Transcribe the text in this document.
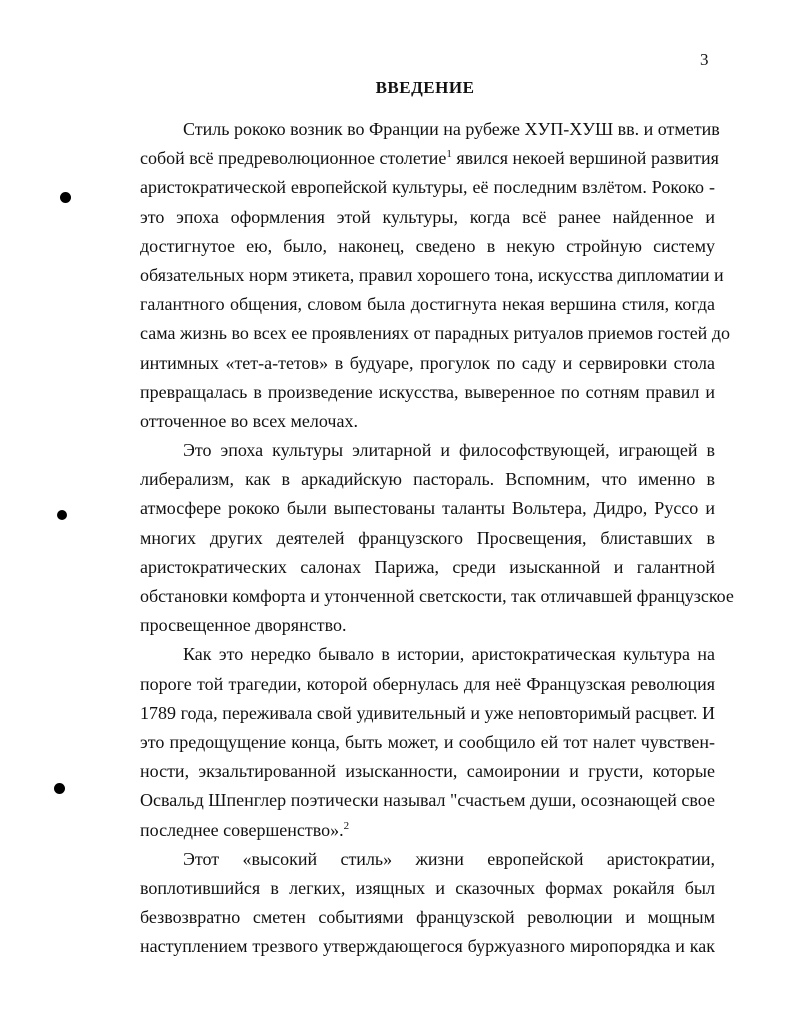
3
ВВЕДЕНИЕ
Стиль рококо возник во Франции на рубеже ХУП-ХУШ вв. и отметив
собой всё предреволюционное столетие$^1$ явился некоей вершиной развития
аристократической европейской культуры, её последним взлётом. Рококо -
это эпоха оформления этой культуры, когда всё ранее найденное и
достигнутое ею, было, наконец, сведено в некую стройную систему
обязательных норм этикета, правил хорошего тона, искусства дипломатии и
галантного общения, словом была достигнута некая вершина стиля, когда
сама жизнь во всех ее проявлениях от парадных ритуалов приемов гостей до
интимных «тет-а-тетов» в будуаре, прогулок по саду и сервировки стола
превращалась в произведение искусства, выверенное по сотням правил и
отточенное во всех мелочах.
Это эпоха культуры элитарной и философствующей, играющей в
либерализм, как в аркадийскую пастораль. Вспомним, что именно в
атмосфере рококо были выпестованы таланты Вольтера, Дидро, Руссо и
многих других деятелей французского Просвещения, блиставших в
аристократических салонах Парижа, среди изысканной и галантной
обстановки комфорта и утонченной светскости, так отличавшей французское
просвещенное дворянство.
Как это нередко бывало в истории, аристократическая культура на
пороге той трагедии, которой обернулась для неё Французская революция
1789 года, переживала свой удивительный и уже неповторимый расцвет. И
это предощущение конца, быть может, и сообщило ей тот налет чувствен-
ности, экзальтированной изысканности, самоиронии и грусти, которые
Освальд Шпенглер поэтически называл "счастьем души, осознающей свое
последнее совершенство».$^2$
Этот «высокий стиль» жизни европейской аристократии,
воплотившийся в легких, изящных и сказочных формах рокайля был
безвозвратно сметен событиями французской революции и мощным
наступлением трезвого утверждающегося буржуазного миропорядка и как
